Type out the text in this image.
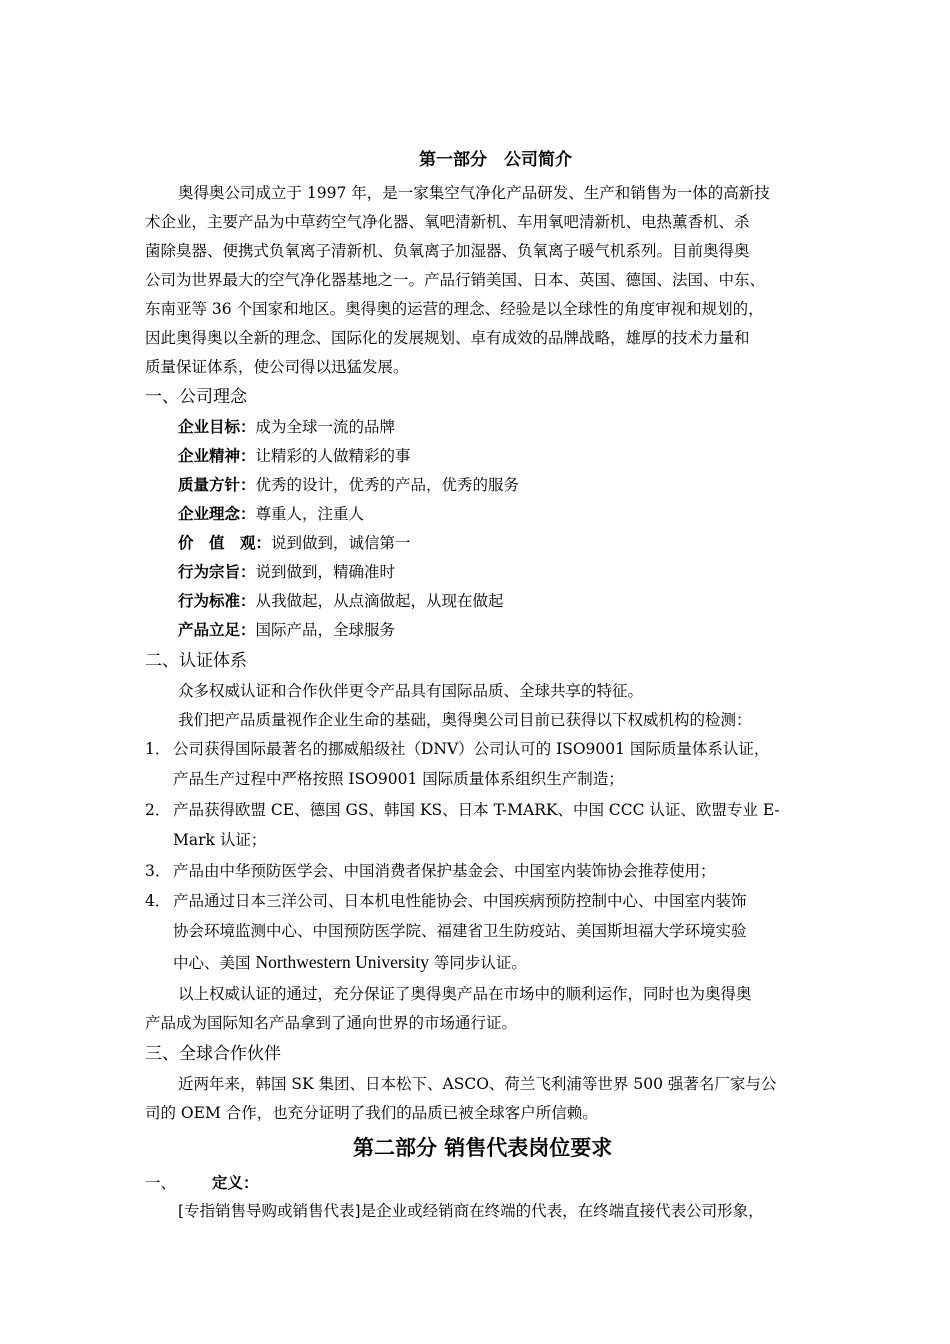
第一部分　公司简介
奥得奥公司成立于 1997 年，是一家集空气净化产品研发、生产和销售为一体的高新技
术企业，主要产品为中草药空气净化器、氧吧清新机、车用氧吧清新机、电热薰香机、杀
菌除臭器、便携式负氧离子清新机、负氧离子加湿器、负氧离子暖气机系列。目前奥得奥
公司为世界最大的空气净化器基地之一。产品行销美国、日本、英国、德国、法国、中东、
东南亚等 36 个国家和地区。奥得奥的运营的理念、经验是以全球性的角度审视和规划的，
因此奥得奥以全新的理念、国际化的发展规划、卓有成效的品牌战略，雄厚的技术力量和
质量保证体系，使公司得以迅猛发展。
一、公司理念
企业目标：成为全球一流的品牌
企业精神：让精彩的人做精彩的事
质量方针：优秀的设计，优秀的产品，优秀的服务
企业理念：尊重人，注重人
价　值　观：说到做到，诚信第一
行为宗旨：说到做到，精确准时
行为标准：从我做起，从点滴做起，从现在做起
产品立足：国际产品，全球服务
二、认证体系
众多权威认证和合作伙伴更令产品具有国际品质、全球共享的特征。
我们把产品质量视作企业生命的基础，奥得奥公司目前已获得以下权威机构的检测：
1． 公司获得国际最著名的挪威船级社（DNV）公司认可的 ISO9001 国际质量体系认证，
产品生产过程中严格按照 ISO9001 国际质量体系组织生产制造；
2． 产品获得欧盟 CE、德国 GS、韩国 KS、日本 T-MARK、中国 CCC 认证、欧盟专业 E-
Mark 认证；
3． 产品由中华预防医学会、中国消费者保护基金会、中国室内装饰协会推荐使用；
4． 产品通过日本三洋公司、日本机电性能协会、中国疾病预防控制中心、中国室内装饰
协会环境监测中心、中国预防医学院、福建省卫生防疫站、美国斯坦福大学环境实验
中心、美国 Northwestern University 等同步认证。
以上权威认证的通过，充分保证了奥得奥产品在市场中的顺利运作，同时也为奥得奥
产品成为国际知名产品拿到了通向世界的市场通行证。
三、全球合作伙伴
近两年来，韩国 SK 集团、日本松下、ASCO、荷兰飞利浦等世界 500 强著名厂家与公
司的 OEM 合作，也充分证明了我们的品质已被全球客户所信赖。
第二部分 销售代表岗位要求
一、 定义：
[专指销售导购或销售代表]是企业或经销商在终端的代表，在终端直接代表公司形象，
